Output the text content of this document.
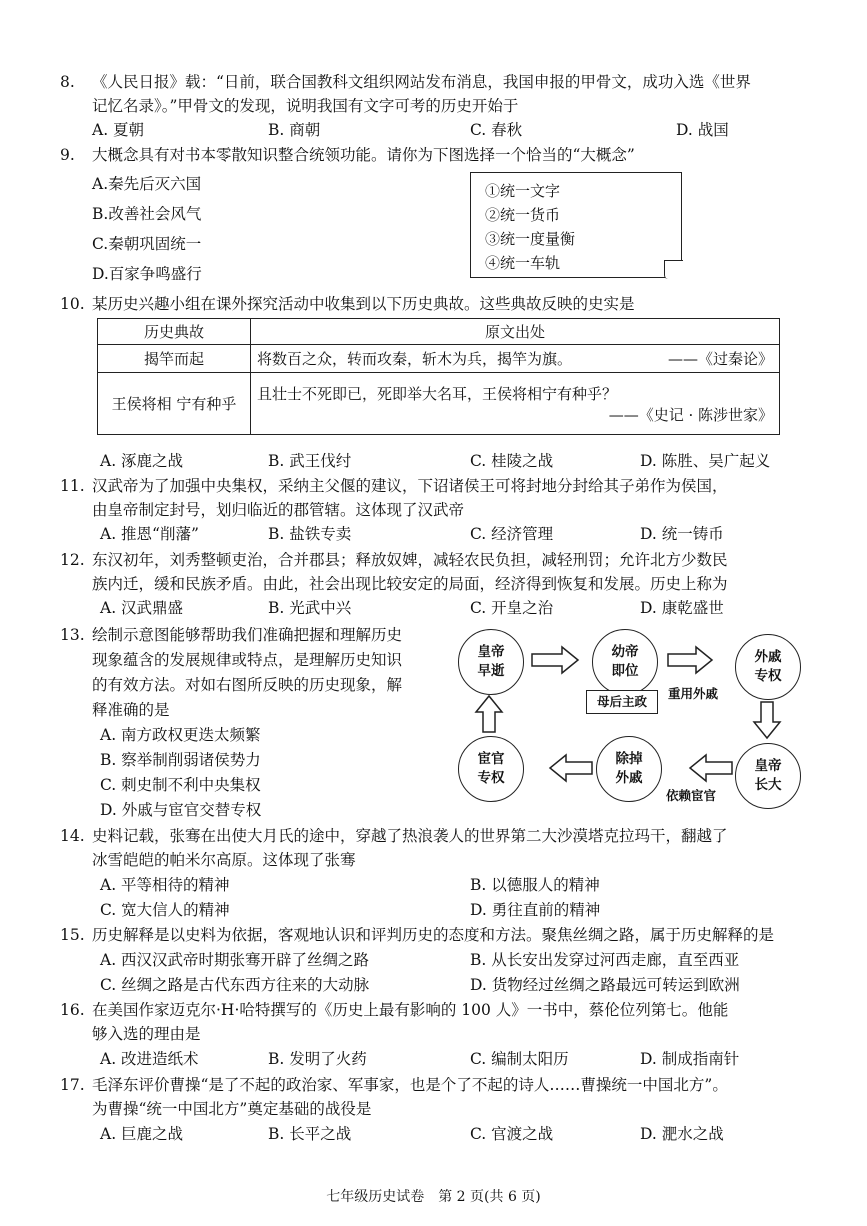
8. 《人民日报》载：“日前，联合国教科文组织网站发布消息，我国申报的甲骨文，成功入选《世界
记忆名录》。”甲骨文的发现，说明我国有文字可考的历史开始于
A. 夏朝	B. 商朝	C. 春秋	D. 战国
9. 大概念具有对书本零散知识整合统领功能。请你为下图选择一个恰当的“大概念”
A.秦先后灭六国
B.改善社会风气
C.秦朝巩固统一
D.百家争鸣盛行
①统一文字
②统一货币
③统一度量衡
④统一车轨
10. 某历史兴趣小组在课外探究活动中收集到以下历史典故。这些典故反映的史实是
历史典故	原文出处
揭竿而起	将数百之众，转而攻秦，斩木为兵，揭竿为旗。 ——《过秦论》

王侯将相 宁有种乎	且壮士不死即已，死即举大名耳，王侯将相宁有种乎？
——《史记 · 陈涉世家》
A. 涿鹿之战	B. 武王伐纣	C. 桂陵之战	D. 陈胜、吴广起义
11. 汉武帝为了加强中央集权，采纳主父偃的建议，下诏诸侯王可将封地分封给其子弟作为侯国，
由皇帝制定封号，划归临近的郡管辖。这体现了汉武帝
A. 推恩“削藩”	B. 盐铁专卖	C. 经济管理	D. 统一铸币
12. 东汉初年，刘秀整顿吏治，合并郡县；释放奴婢，减轻农民负担，减轻刑罚；允许北方少数民
族内迁，缓和民族矛盾。由此，社会出现比较安定的局面，经济得到恢复和发展。历史上称为
A. 汉武鼎盛	B. 光武中兴	C. 开皇之治	D. 康乾盛世
13. 绘制示意图能够帮助我们准确把握和理解历史
现象蕴含的发展规律或特点，是理解历史知识
的有效方法。对如右图所反映的历史现象，解
释准确的是
A. 南方政权更迭太频繁
B. 察举制削弱诸侯势力
C. 刺史制不利中央集权
D. 外戚与宦官交替专权
皇帝
早逝
幼帝
即位
母后主政
外戚
专权
皇帝
长大
除掉
外戚
宦官
专权
重用外戚
依赖宦官
14. 史料记载，张骞在出使大月氏的途中，穿越了热浪袭人的世界第二大沙漠塔克拉玛干，翻越了
冰雪皑皑的帕米尔高原。这体现了张骞
A. 平等相待的精神	B. 以德服人的精神
C. 宽大信人的精神	D. 勇往直前的精神
15. 历史解释是以史料为依据，客观地认识和评判历史的态度和方法。聚焦丝绸之路，属于历史解释的是
A. 西汉汉武帝时期张骞开辟了丝绸之路	B. 从长安出发穿过河西走廊，直至西亚
C. 丝绸之路是古代东西方往来的大动脉	D. 货物经过丝绸之路最远可转运到欧洲
16. 在美国作家迈克尔·H·哈特撰写的《历史上最有影响的 100 人》一书中，蔡伦位列第七。他能
够入选的理由是
A. 改进造纸术	B. 发明了火药	C. 编制太阳历	D. 制成指南针
17. 毛泽东评价曹操“是了不起的政治家、军事家，也是个了不起的诗人……曹操统一中国北方”。
为曹操“统一中国北方”奠定基础的战役是
A. 巨鹿之战	B. 长平之战	C. 官渡之战	D. 淝水之战
七年级历史试卷　第 2 页(共 6 页)
